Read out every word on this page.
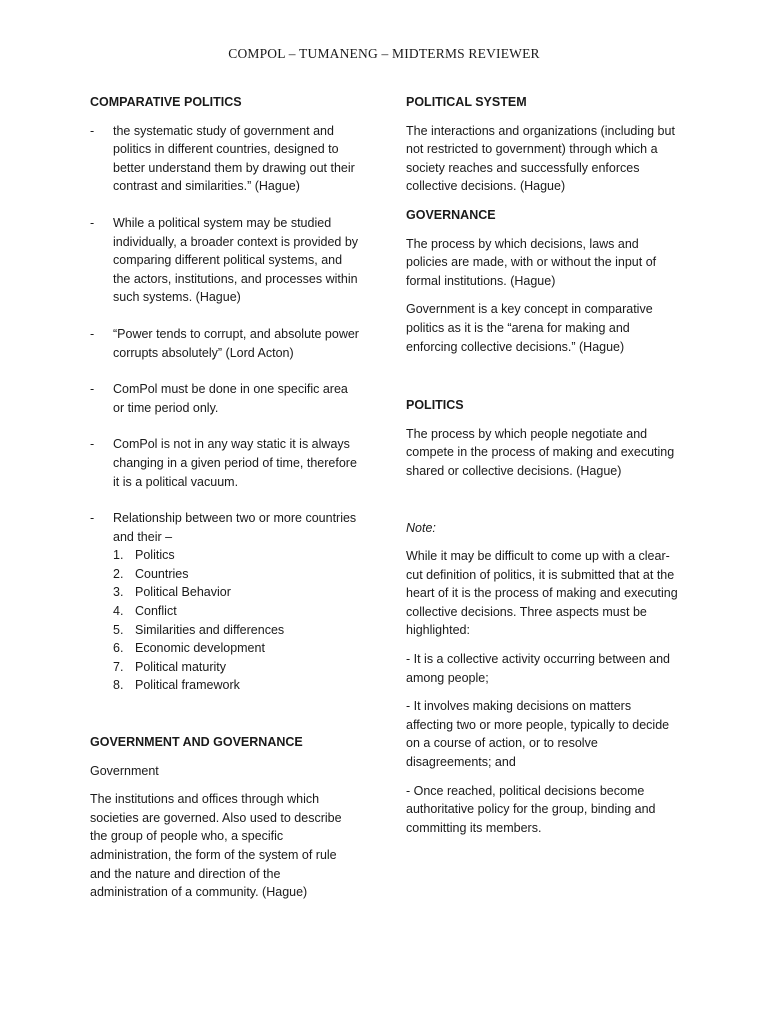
COMPOL – TUMANENG – MIDTERMS REVIEWER
COMPARATIVE POLITICS
- the systematic study of government and politics in different countries, designed to better understand them by drawing out their contrast and similarities.” (Hague)
- While a political system may be studied individually, a broader context is provided by comparing different political systems, and the actors, institutions, and processes within such systems. (Hague)
- “Power tends to corrupt, and absolute power corrupts absolutely” (Lord Acton)
- ComPol must be done in one specific area or time period only.
- ComPol is not in any way static it is always changing in a given period of time, therefore it is a political vacuum.
- Relationship between two or more countries and their –
1. Politics
2. Countries
3. Political Behavior
4. Conflict
5. Similarities and differences
6. Economic development
7. Political maturity
8. Political framework
GOVERNMENT AND GOVERNANCE

Government

The institutions and offices through which societies are governed. Also used to describe the group of people who, a specific administration, the form of the system of rule and the nature and direction of the administration of a community. (Hague)

POLITICAL SYSTEM

The interactions and organizations (including but not restricted to government) through which a society reaches and successfully enforces collective decisions. (Hague)

GOVERNANCE

The process by which decisions, laws and policies are made, with or without the input of formal institutions. (Hague)

Government is a key concept in comparative politics as it is the “arena for making and enforcing collective decisions.” (Hague)

POLITICS

The process by which people negotiate and compete in the process of making and executing shared or collective decisions. (Hague)

Note:

While it may be difficult to come up with a clear-cut definition of politics, it is submitted that at the heart of it is the process of making and executing collective decisions. Three aspects must be highlighted:

- It is a collective activity occurring between and among people;

- It involves making decisions on matters affecting two or more people, typically to decide on a course of action, or to resolve disagreements; and

- Once reached, political decisions become authoritative policy for the group, binding and committing its members.
